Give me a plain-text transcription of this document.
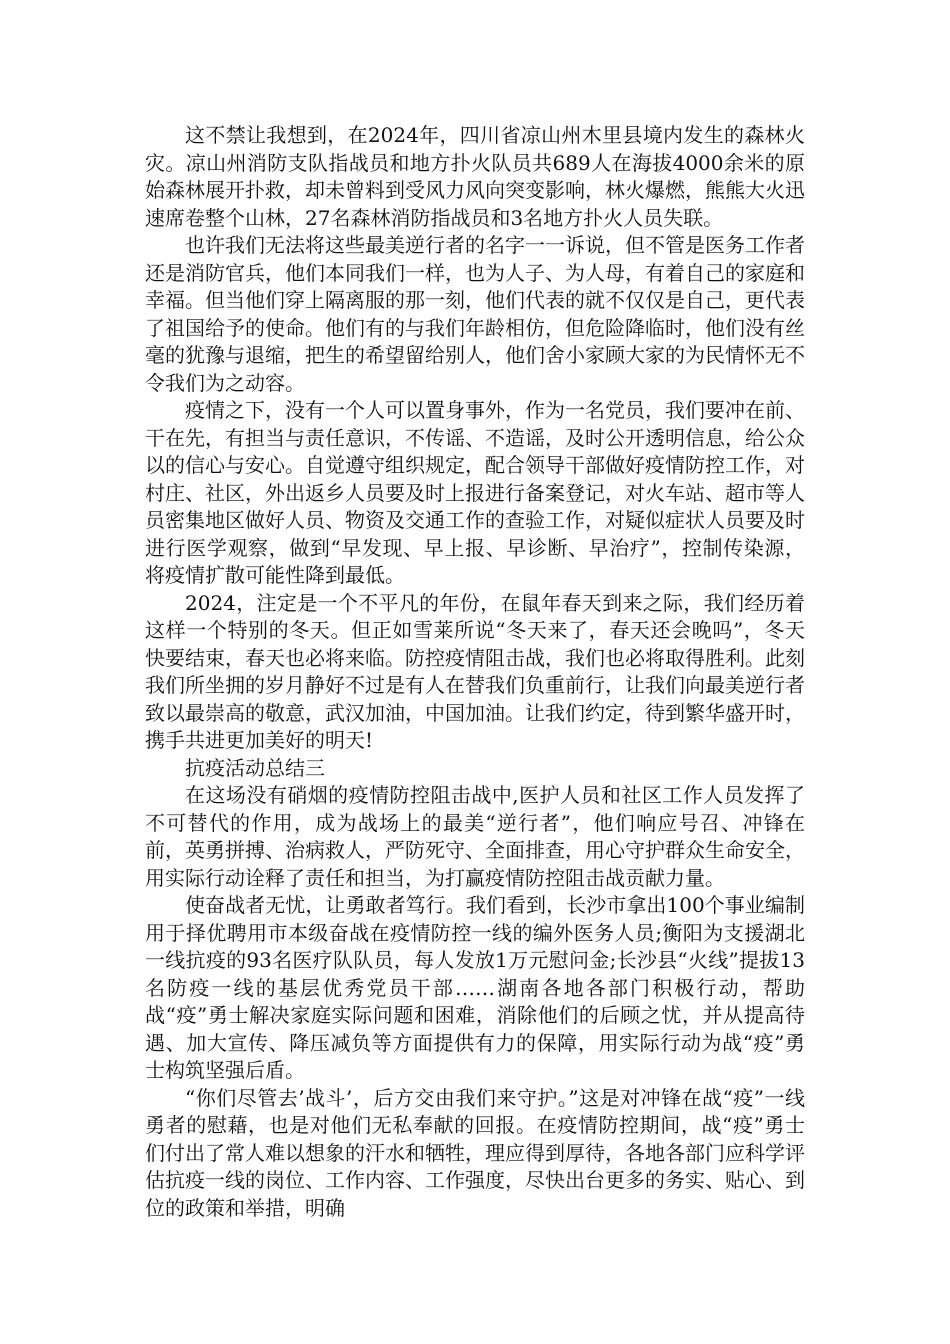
这不禁让我想到，在2024年，四川省凉山州木里县境内发生的森林火灾。凉山州消防支队指战员和地方扑火队员共689人在海拔4000余米的原始森林展开扑救，却未曾料到受风力风向突变影响，林火爆燃，熊熊大火迅速席卷整个山林，27名森林消防指战员和3名地方扑火人员失联。

也许我们无法将这些最美逆行者的名字一一诉说，但不管是医务工作者还是消防官兵，他们本同我们一样，也为人子、为人母，有着自己的家庭和幸福。但当他们穿上隔离服的那一刻，他们代表的就不仅仅是自己，更代表了祖国给予的使命。他们有的与我们年龄相仿，但危险降临时，他们没有丝毫的犹豫与退缩，把生的希望留给别人，他们舍小家顾大家的为民情怀无不令我们为之动容。

疫情之下，没有一个人可以置身事外，作为一名党员，我们要冲在前、干在先，有担当与责任意识，不传谣、不造谣，及时公开透明信息，给公众以的信心与安心。自觉遵守组织规定，配合领导干部做好疫情防控工作，对村庄、社区，外出返乡人员要及时上报进行备案登记，对火车站、超市等人员密集地区做好人员、物资及交通工作的查验工作，对疑似症状人员要及时进行医学观察，做到“早发现、早上报、早诊断、早治疗”，控制传染源，将疫情扩散可能性降到最低。

2024，注定是一个不平凡的年份，在鼠年春天到来之际，我们经历着这样一个特别的冬天。但正如雪莱所说“冬天来了，春天还会晚吗”，冬天快要结束，春天也必将来临。防控疫情阻击战，我们也必将取得胜利。此刻我们所坐拥的岁月静好不过是有人在替我们负重前行，让我们向最美逆行者致以最崇高的敬意，武汉加油，中国加油。让我们约定，待到繁华盛开时，携手共进更加美好的明天!

抗疫活动总结三

在这场没有硝烟的疫情防控阻击战中,医护人员和社区工作人员发挥了不可替代的作用，成为战场上的最美“逆行者”，他们响应号召、冲锋在前，英勇拼搏、治病救人，严防死守、全面排查，用心守护群众生命安全，用实际行动诠释了责任和担当，为打赢疫情防控阻击战贡献力量。

使奋战者无忧，让勇敢者笃行。我们看到，长沙市拿出100个事业编制用于择优聘用市本级奋战在疫情防控一线的编外医务人员;衡阳为支援湖北一线抗疫的93名医疗队队员，每人发放1万元慰问金;长沙县“火线”提拔13名防疫一线的基层优秀党员干部……湖南各地各部门积极行动，帮助战“疫”勇士解决家庭实际问题和困难，消除他们的后顾之忧，并从提高待遇、加大宣传、降压减负等方面提供有力的保障，用实际行动为战“疫”勇士构筑坚强后盾。

“你们尽管去’战斗’，后方交由我们来守护。”这是对冲锋在战“疫”一线勇者的慰藉，也是对他们无私奉献的回报。在疫情防控期间，战“疫”勇士们付出了常人难以想象的汗水和牺牲，理应得到厚待，各地各部门应科学评估抗疫一线的岗位、工作内容、工作强度，尽快出台更多的务实、贴心、到位的政策和举措，明确
